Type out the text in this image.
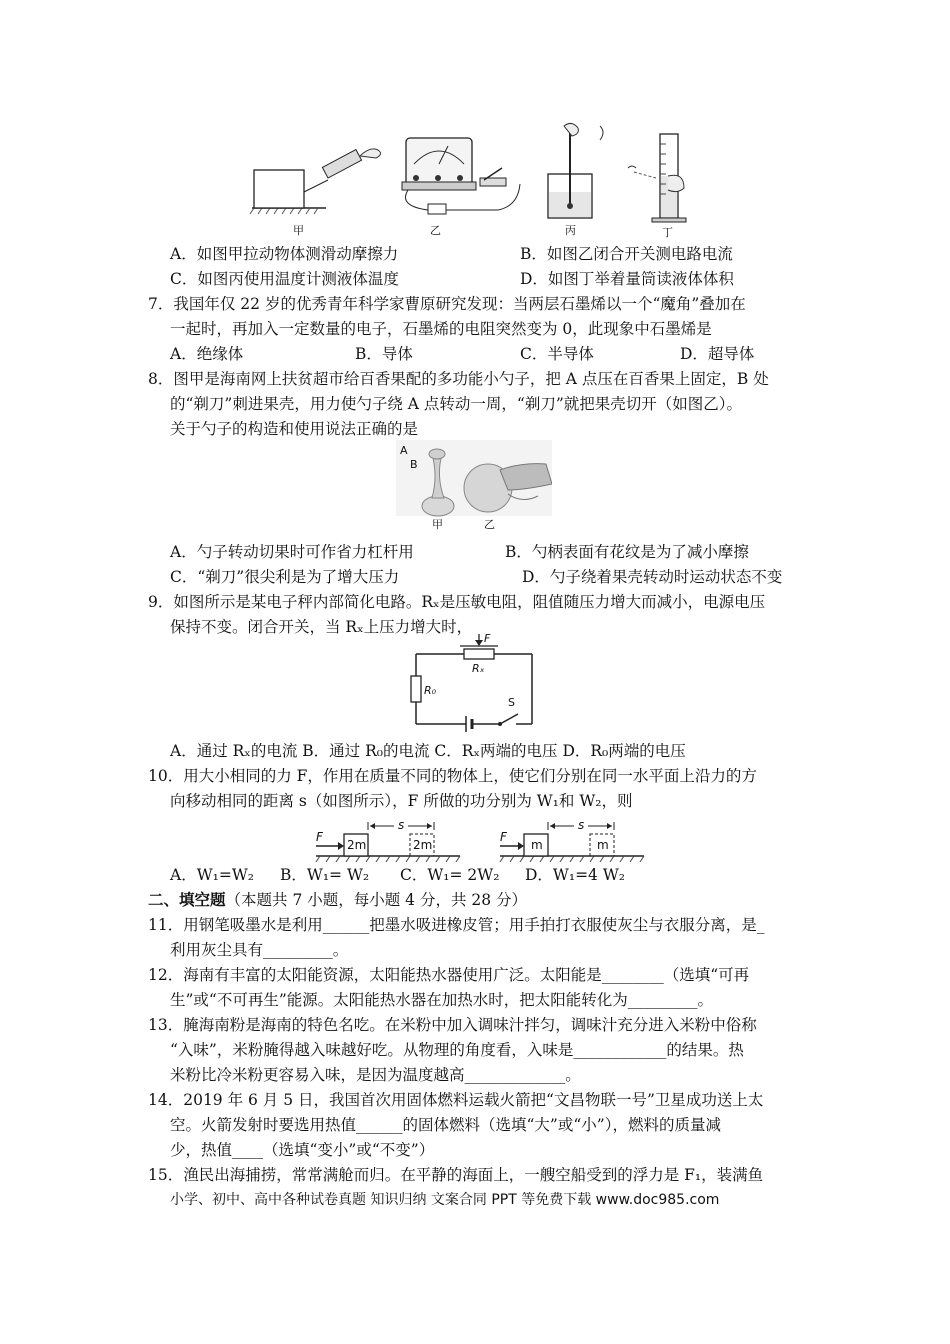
甲	乙	丙	丁
A．如图甲拉动物体测滑动摩擦力	B．如图乙闭合开关测电路电流
C．如图丙使用温度计测液体温度	D．如图丁举着量筒读液体体积
7．我国年仅 22 岁的优秀青年科学家曹原研究发现：当两层石墨烯以一个“魔角”叠加在
一起时，再加入一定数量的电子，石墨烯的电阻突然变为 0，此现象中石墨烯是
A．绝缘体	B．导体	C．半导体	D．超导体
8．图甲是海南网上扶贫超市给百香果配的多功能小勺子，把 A 点压在百香果上固定，B 处
的“剃刀”刺进果壳，用力使勺子绕 A 点转动一周，“剃刀”就把果壳切开（如图乙）。
关于勺子的构造和使用说法正确的是
A
B
甲	乙
A．勺子转动切果时可作省力杠杆用	B．勺柄表面有花纹是为了减小摩擦
C．“剃刀”很尖利是为了增大压力	D．勺子绕着果壳转动时运动状态不变
9．如图所示是某电子秤内部简化电路。Rₓ是压敏电阻，阻值随压力增大而减小，电源电压
保持不变。闭合开关，当 Rₓ上压力增大时，
F
Rₓ
R₀
S
A．通过 Rₓ的电流 B．通过 R₀的电流 C．Rₓ两端的电压 D．R₀两端的电压
10．用大小相同的力 F，作用在质量不同的物体上，使它们分别在同一水平面上沿力的方
向移动相同的距离 s（如图所示），F 所做的功分别为 W₁和 W₂，则
F
2m
s
2m
F
m
s
m
A．W₁=W₂ B．W₁= W₂ C．W₁= 2W₂ D．W₁=4 W₂
二、填空题（本题共 7 小题，每小题 4 分，共 28 分）
11．用钢笔吸墨水是利用______把墨水吸进橡皮管；用手拍打衣服使灰尘与衣服分离，是_
利用灰尘具有_________。
12．海南有丰富的太阳能资源，太阳能热水器使用广泛。太阳能是________（选填“可再
生”或“不可再生”能源。太阳能热水器在加热水时，把太阳能转化为_________。
13．腌海南粉是海南的特色名吃。在米粉中加入调味汁拌匀，调味汁充分进入米粉中俗称
“入味”，米粉腌得越入味越好吃。从物理的角度看，入味是____________的结果。热
米粉比冷米粉更容易入味，是因为温度越高_____________。
14．2019 年 6 月 5 日，我国首次用固体燃料运载火箭把“文昌物联一号”卫星成功送上太
空。火箭发射时要选用热值______的固体燃料（选填“大”或“小”），燃料的质量减
少，热值____（选填“变小”或“不变”）
15．渔民出海捕捞，常常满舱而归。在平静的海面上，一艘空船受到的浮力是 F₁，装满鱼
小学、初中、高中各种试卷真题 知识归纳 文案合同 PPT 等免费下载 www.doc985.com
